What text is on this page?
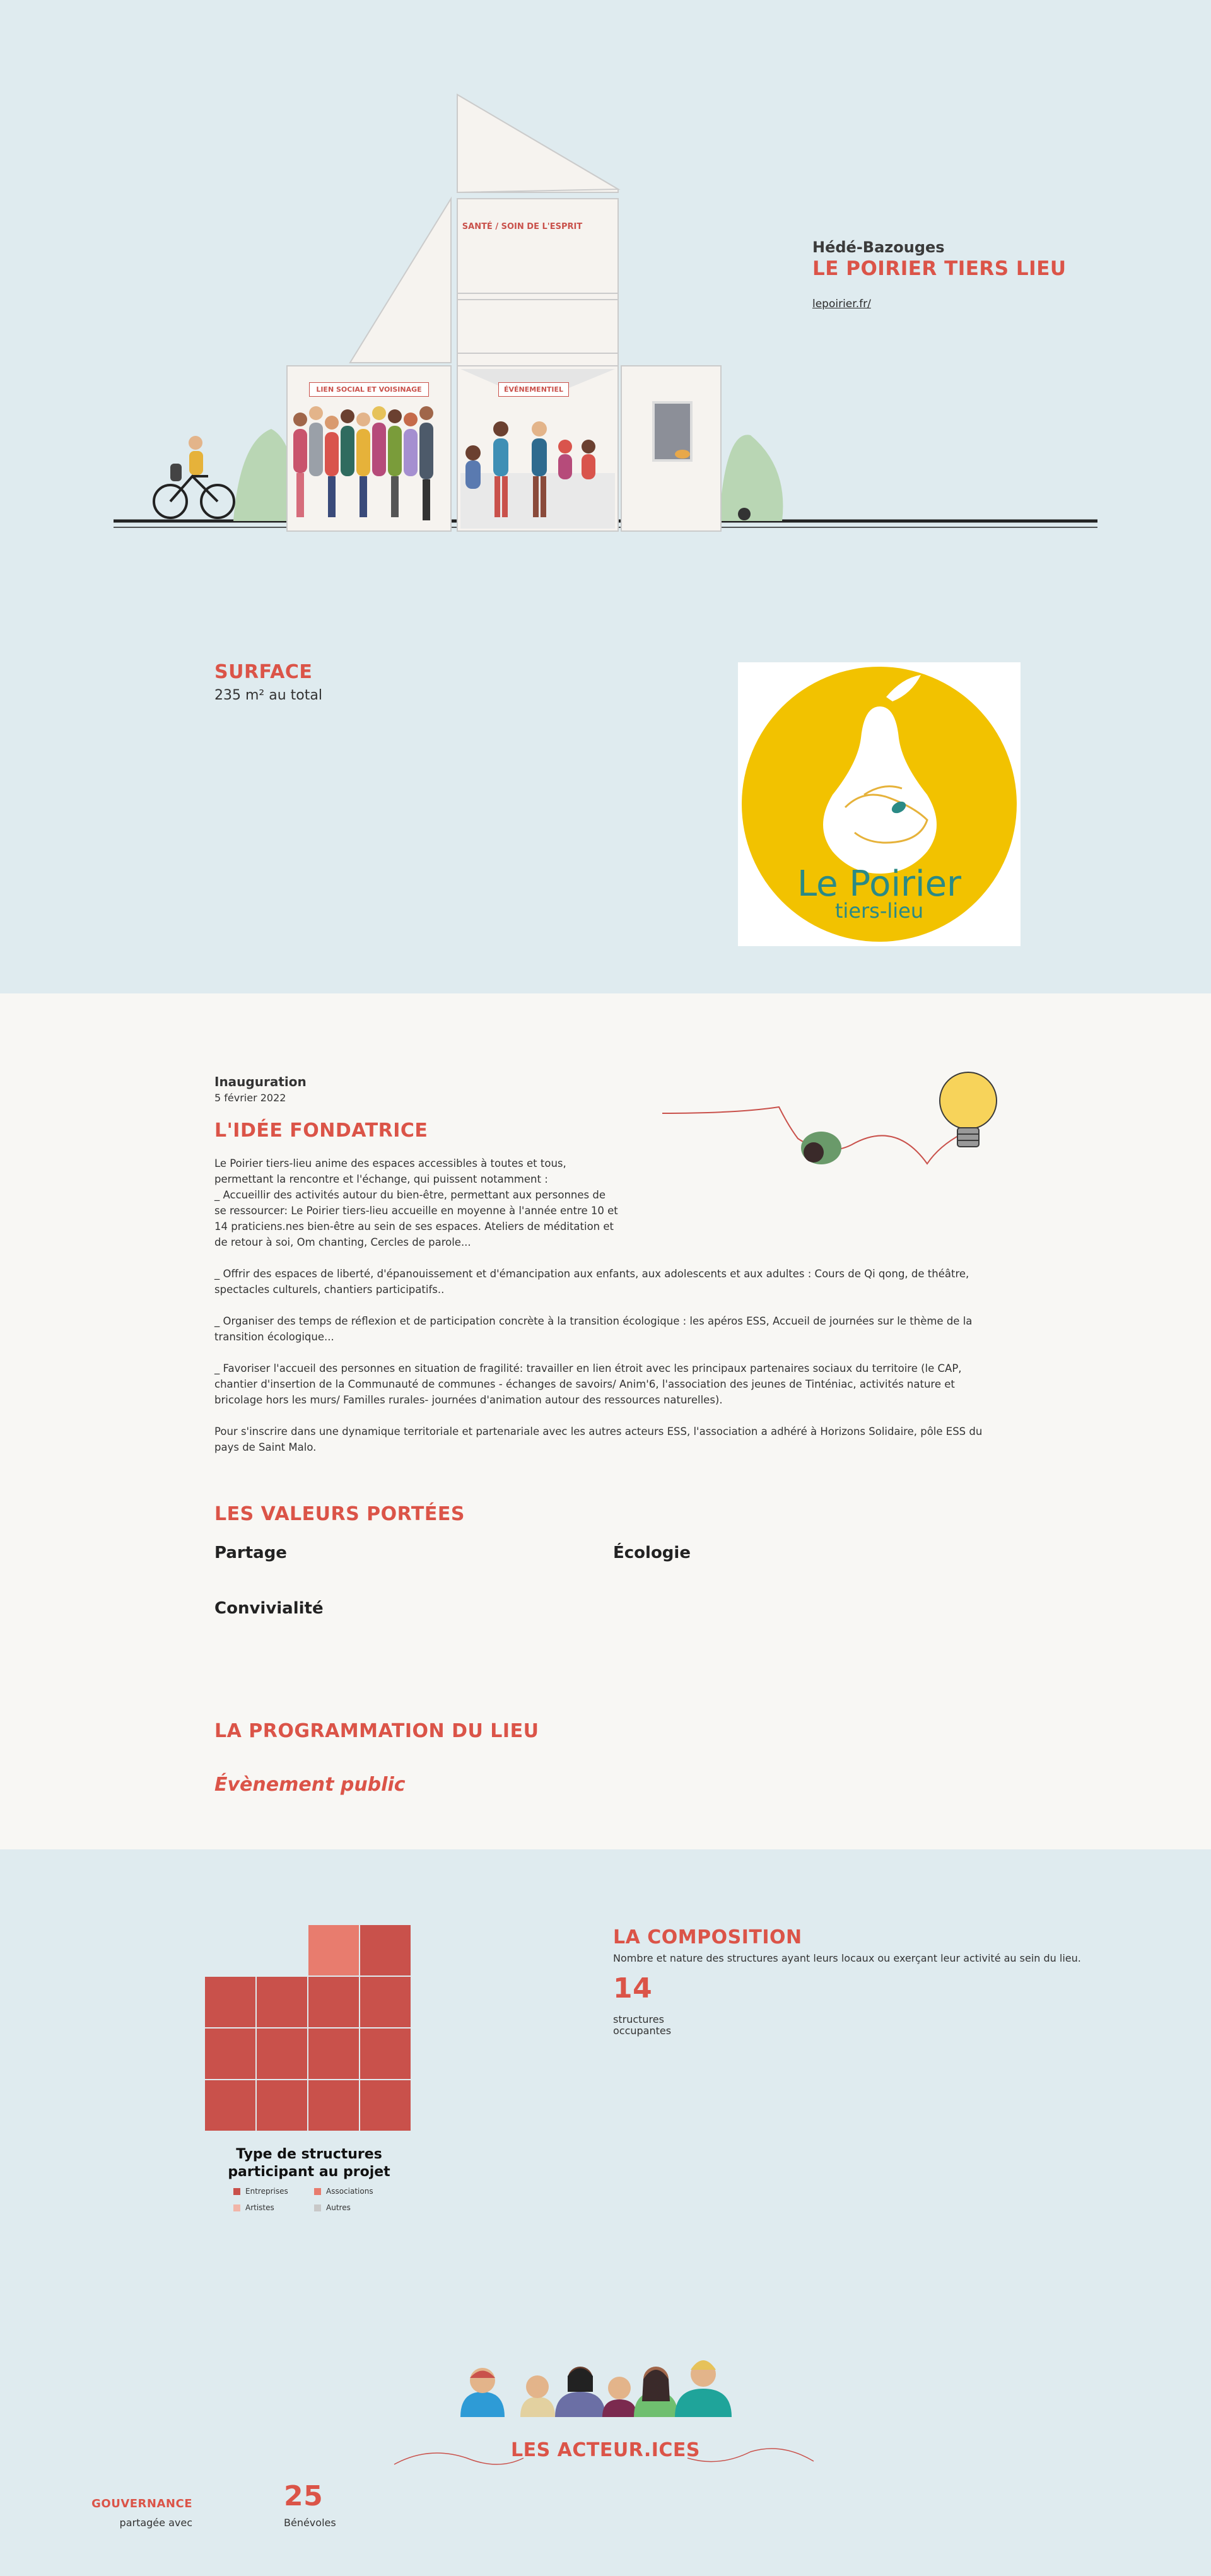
SANTÉ / SOIN DE L'ESPRIT
LIEN SOCIAL ET VOISINAGE	ÉVÉNEMENTIEL
Hédé-Bazouges
LE POIRIER TIERS LIEU
lepoirier.fr/
SURFACE
235 m² au total
Le Poirier
tiers-lieu
Inauguration
5 février 2022
L'IDÉE FONDATRICE

Le Poirier tiers-lieu anime des espaces accessibles à toutes et tous, permettant la rencontre et l'échange, qui puissent notamment :
_ Accueillir des activités autour du bien-être, permettant aux personnes de se ressourcer: Le Poirier tiers-lieu accueille en moyenne à l'année entre 10 et 14 praticiens.nes bien-être au sein de ses espaces. Ateliers de méditation et de retour à soi, Om chanting, Cercles de parole...

_ Offrir des espaces de liberté, d'épanouissement et d'émancipation aux enfants, aux adolescents et aux adultes : Cours de Qi qong, de théâtre, spectacles culturels, chantiers participatifs..

_ Organiser des temps de réflexion et de participation concrète à la transition écologique : les apéros ESS, Accueil de journées sur le thème de la transition écologique...

_ Favoriser l'accueil des personnes en situation de fragilité: travailler en lien étroit avec les principaux partenaires sociaux du territoire (le CAP, chantier d'insertion de la Communauté de communes - échanges de savoirs/ Anim'6, l'association des jeunes de Tinténiac, activités nature et bricolage hors les murs/ Familles rurales- journées d'animation autour des ressources naturelles).

Pour s'inscrire dans une dynamique territoriale et partenariale avec les autres acteurs ESS, l'association a adhéré à Horizons Solidaire, pôle ESS du pays de Saint Malo.

LES VALEURS PORTÉES
Partage	Écologie
Convivialité
LA PROGRAMMATION DU LIEU
Évènement public
Type de structures
participant au projet
Entreprises	Associations
Artistes	Autres
LA COMPOSITION
Nombre et nature des structures ayant leurs locaux ou exerçant leur activité au sein du lieu.
14
structures
occupantes
LES ACTEUR.ICES
GOUVERNANCE
partagée avec
25
Bénévoles
